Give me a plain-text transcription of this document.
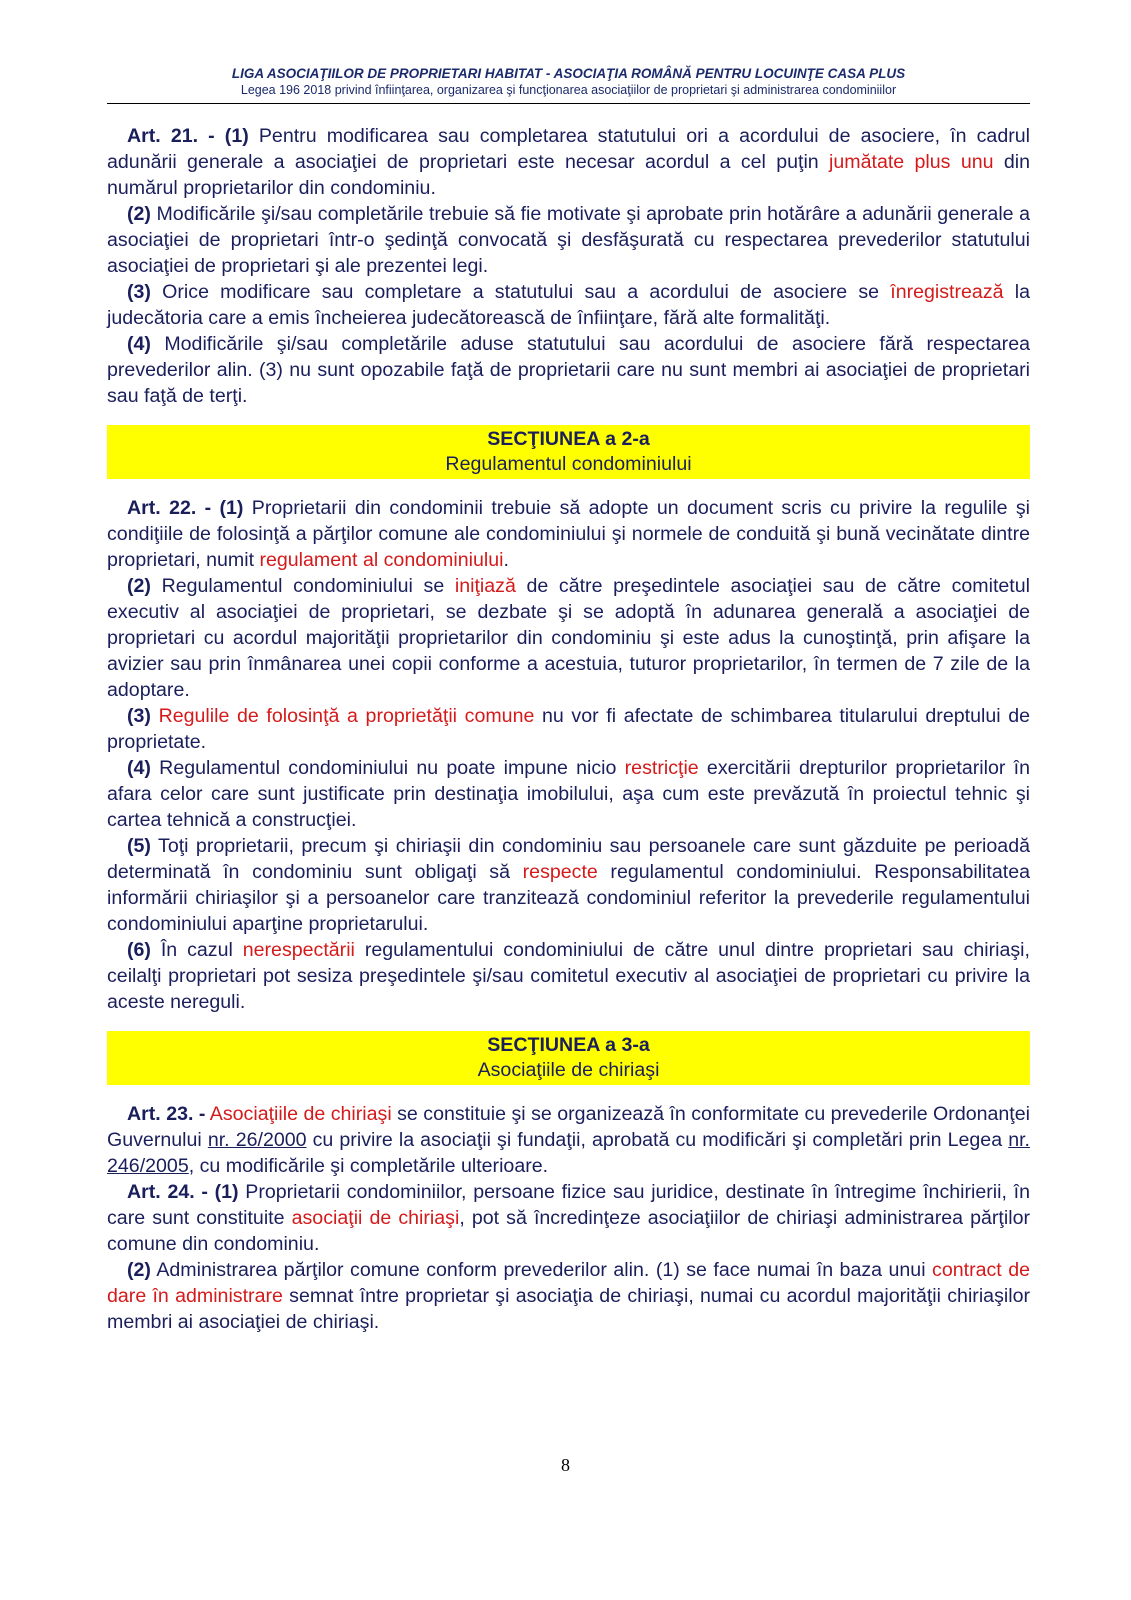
LIGA ASOCIAŢIILOR DE PROPRIETARI HABITAT - ASOCIAŢIA ROMÂNĂ PENTRU LOCUINŢE CASA PLUS
Legea 196 2018 privind înfiinţarea, organizarea şi funcţionarea asociaţiilor de proprietari şi administrarea condominiilor

Art. 21. - (1) Pentru modificarea sau completarea statutului ori a acordului de asociere, în cadrul adunării generale a asociaţiei de proprietari este necesar acordul a cel puţin jumătate plus unu din numărul proprietarilor din condominiu.

(2) Modificările şi/sau completările trebuie să fie motivate şi aprobate prin hotărâre a adunării generale a asociaţiei de proprietari într-o şedinţă convocată şi desfăşurată cu respectarea prevederilor statutului asociaţiei de proprietari şi ale prezentei legi.

(3) Orice modificare sau completare a statutului sau a acordului de asociere se înregistrează la judecătoria care a emis încheierea judecătorească de înfiinţare, fără alte formalităţi.

(4) Modificările şi/sau completările aduse statutului sau acordului de asociere fără respectarea prevederilor alin. (3) nu sunt opozabile faţă de proprietarii care nu sunt membri ai asociaţiei de proprietari sau faţă de terţi.

SECŢIUNEA a 2-a
Regulamentul condominiului

Art. 22. - (1) Proprietarii din condominii trebuie să adopte un document scris cu privire la regulile şi condiţiile de folosinţă a părţilor comune ale condominiului şi normele de conduită şi bună vecinătate dintre proprietari, numit regulament al condominiului.

(2) Regulamentul condominiului se iniţiază de către preşedintele asociaţiei sau de către comitetul executiv al asociaţiei de proprietari, se dezbate şi se adoptă în adunarea generală a asociaţiei de proprietari cu acordul majorităţii proprietarilor din condominiu şi este adus la cunoştinţă, prin afişare la avizier sau prin înmânarea unei copii conforme a acestuia, tuturor proprietarilor, în termen de 7 zile de la adoptare.

(3) Regulile de folosinţă a proprietăţii comune nu vor fi afectate de schimbarea titularului dreptului de proprietate.

(4) Regulamentul condominiului nu poate impune nicio restricţie exercitării drepturilor proprietarilor în afara celor care sunt justificate prin destinaţia imobilului, aşa cum este prevăzută în proiectul tehnic şi cartea tehnică a construcţiei.

(5) Toţi proprietarii, precum şi chiriaşii din condominiu sau persoanele care sunt găzduite pe perioadă determinată în condominiu sunt obligaţi să respecte regulamentul condominiului. Responsabilitatea informării chiriaşilor şi a persoanelor care tranzitează condominiul referitor la prevederile regulamentului condominiului aparţine proprietarului.

(6) În cazul nerespectării regulamentului condominiului de către unul dintre proprietari sau chiriaşi, ceilalţi proprietari pot sesiza preşedintele şi/sau comitetul executiv al asociaţiei de proprietari cu privire la aceste nereguli.

SECŢIUNEA a 3-a
Asociaţiile de chiriaşi

Art. 23. - Asociaţiile de chiriaşi se constituie şi se organizează în conformitate cu prevederile Ordonanţei Guvernului nr. 26/2000 cu privire la asociaţii şi fundaţii, aprobată cu modificări şi completări prin Legea nr. 246/2005, cu modificările şi completările ulterioare.

Art. 24. - (1) Proprietarii condominiilor, persoane fizice sau juridice, destinate în întregime închirierii, în care sunt constituite asociaţii de chiriaşi, pot să încredinţeze asociaţiilor de chiriaşi administrarea părţilor comune din condominiu.

(2) Administrarea părţilor comune conform prevederilor alin. (1) se face numai în baza unui contract de dare în administrare semnat între proprietar şi asociaţia de chiriaşi, numai cu acordul majorităţii chiriaşilor membri ai asociaţiei de chiriaşi.

8
